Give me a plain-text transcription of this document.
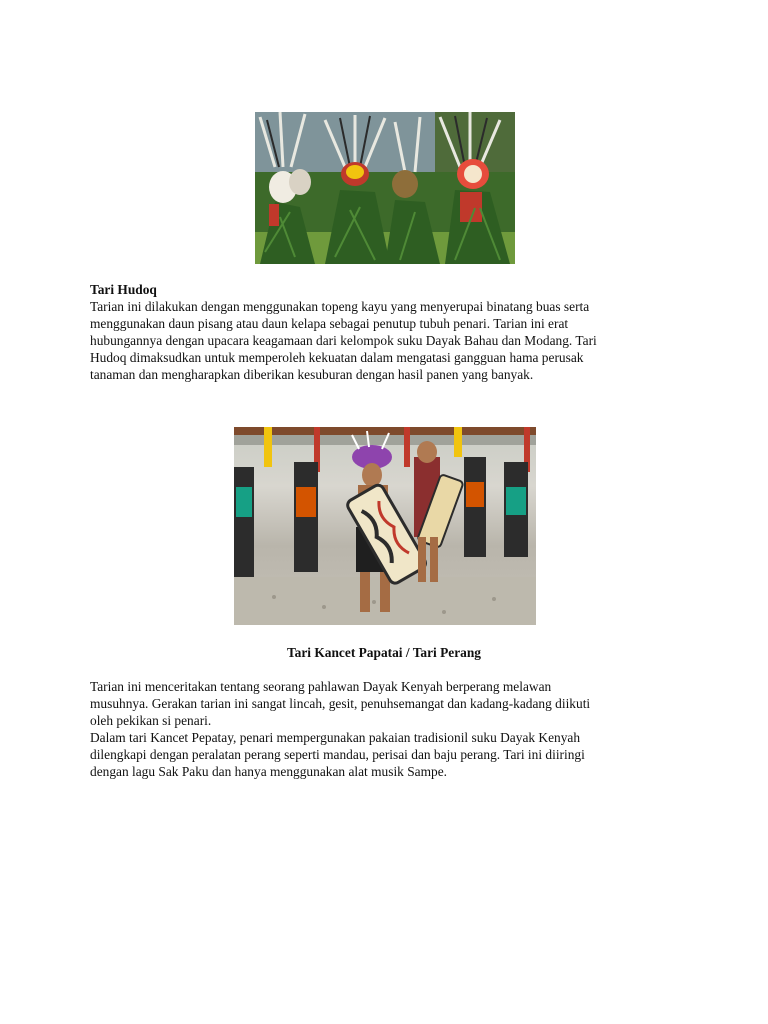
Tari Hudoq
Tarian ini dilakukan dengan menggunakan topeng kayu yang menyerupai binatang buas serta
menggunakan daun pisang atau daun kelapa sebagai penutup tubuh penari. Tarian ini erat
hubungannya dengan upacara keagamaan dari kelompok suku Dayak Bahau dan Modang. Tari
Hudoq dimaksudkan untuk memperoleh kekuatan dalam mengatasi gangguan hama perusak
tanaman dan mengharapkan diberikan kesuburan dengan hasil panen yang banyak.
Tari Kancet Papatai / Tari Perang
Tarian ini menceritakan tentang seorang pahlawan Dayak Kenyah berperang melawan
musuhnya. Gerakan tarian ini sangat lincah, gesit, penuhsemangat dan kadang-kadang diikuti
oleh pekikan si penari.
Dalam tari Kancet Pepatay, penari mempergunakan pakaian tradisionil suku Dayak Kenyah
dilengkapi dengan peralatan perang seperti mandau, perisai dan baju perang. Tari ini diiringi
dengan lagu Sak Paku dan hanya menggunakan alat musik Sampe.
